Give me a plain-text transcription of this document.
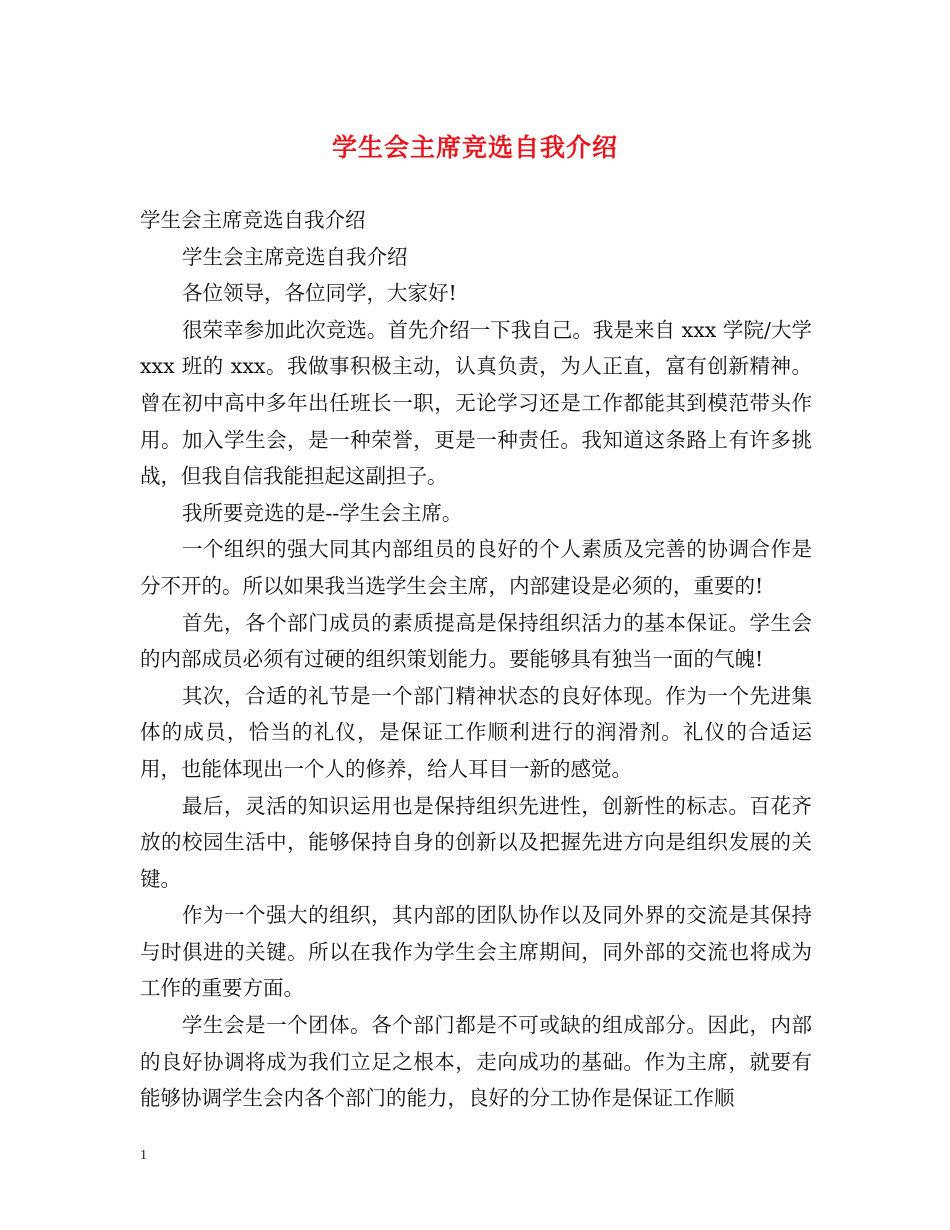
学生会主席竞选自我介绍

学生会主席竞选自我介绍

学生会主席竞选自我介绍

各位领导，各位同学，大家好!

很荣幸参加此次竞选。首先介绍一下我自己。我是来自 xxx 学院/大学 xxx 班的 xxx。我做事积极主动，认真负责，为人正直，富有创新精神。曾在初中高中多年出任班长一职，无论学习还是工作都能其到模范带头作用。加入学生会，是一种荣誉，更是一种责任。我知道这条路上有许多挑战，但我自信我能担起这副担子。

我所要竞选的是--学生会主席。

一个组织的强大同其内部组员的良好的个人素质及完善的协调合作是分不开的。所以如果我当选学生会主席，内部建设是必须的，重要的!

首先，各个部门成员的素质提高是保持组织活力的基本保证。学生会的内部成员必须有过硬的组织策划能力。要能够具有独当一面的气魄!

其次，合适的礼节是一个部门精神状态的良好体现。作为一个先进集体的成员，恰当的礼仪，是保证工作顺利进行的润滑剂。礼仪的合适运用，也能体现出一个人的修养，给人耳目一新的感觉。

最后，灵活的知识运用也是保持组织先进性，创新性的标志。百花齐放的校园生活中，能够保持自身的创新以及把握先进方向是组织发展的关键。

作为一个强大的组织，其内部的团队协作以及同外界的交流是其保持与时俱进的关键。所以在我作为学生会主席期间，同外部的交流也将成为工作的重要方面。

学生会是一个团体。各个部门都是不可或缺的组成部分。因此，内部的良好协调将成为我们立足之根本，走向成功的基础。作为主席，就要有能够协调学生会内各个部门的能力，良好的分工协作是保证工作顺

1
